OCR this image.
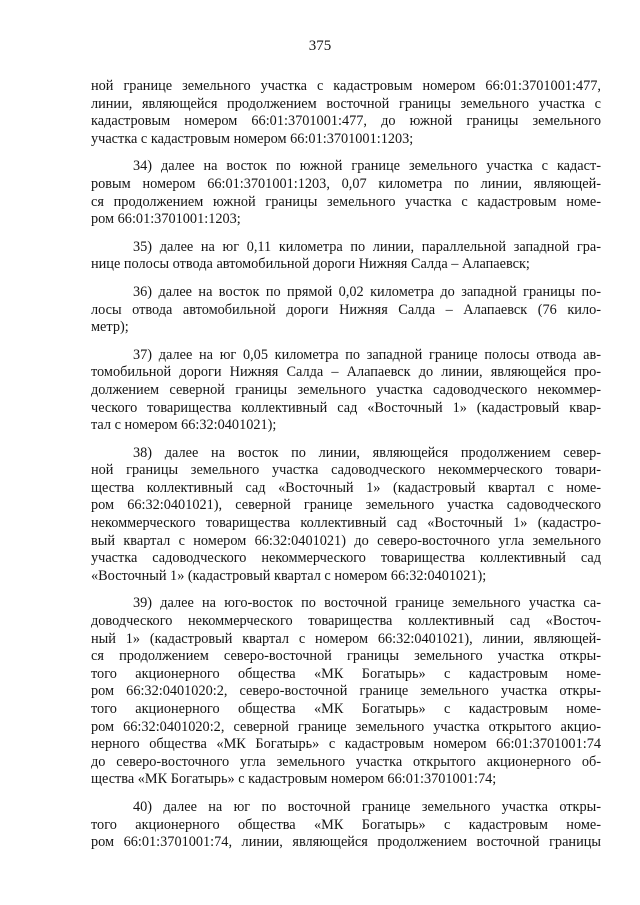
375
ной границе земельного участка с кадастровым номером 66:01:3701001:477,
линии, являющейся продолжением восточной границы земельного участка с
кадастровым номером 66:01:3701001:477, до южной границы земельного
участка с кадастровым номером 66:01:3701001:1203;
34) далее на восток по южной границе земельного участка с кадаст-
ровым номером 66:01:3701001:1203, 0,07 километра по линии, являющей-
ся продолжением южной границы земельного участка с кадастровым номе-
ром 66:01:3701001:1203;
35) далее на юг 0,11 километра по линии, параллельной западной гра-
нице полосы отвода автомобильной дороги Нижняя Салда – Алапаевск;
36) далее на восток по прямой 0,02 километра до западной границы по-
лосы отвода автомобильной дороги Нижняя Салда – Алапаевск (76 кило-
метр);
37) далее на юг 0,05 километра по западной границе полосы отвода ав-
томобильной дороги Нижняя Салда – Алапаевск до линии, являющейся про-
должением северной границы земельного участка садоводческого некоммер-
ческого товарищества коллективный сад «Восточный 1» (кадастровый квар-
тал с номером 66:32:0401021);
38) далее на восток по линии, являющейся продолжением север-
ной границы земельного участка садоводческого некоммерческого товари-
щества коллективный сад «Восточный 1» (кадастровый квартал с номе-
ром 66:32:0401021), северной границе земельного участка садоводческого
некоммерческого товарищества коллективный сад «Восточный 1» (кадастро-
вый квартал с номером 66:32:0401021) до северо-восточного угла земельного
участка садоводческого некоммерческого товарищества коллективный сад
«Восточный 1» (кадастровый квартал с номером 66:32:0401021);
39) далее на юго-восток по восточной границе земельного участка са-
доводческого некоммерческого товарищества коллективный сад «Восточ-
ный 1» (кадастровый квартал с номером 66:32:0401021), линии, являющей-
ся продолжением северо-восточной границы земельного участка откры-
того акционерного общества «МК Богатырь» с кадастровым номе-
ром 66:32:0401020:2, северо-восточной границе земельного участка откры-
того акционерного общества «МК Богатырь» с кадастровым номе-
ром 66:32:0401020:2, северной границе земельного участка открытого акцио-
нерного общества «МК Богатырь» с кадастровым номером 66:01:3701001:74
до северо-восточного угла земельного участка открытого акционерного об-
щества «МК Богатырь» с кадастровым номером 66:01:3701001:74;
40) далее на юг по восточной границе земельного участка откры-
того акционерного общества «МК Богатырь» с кадастровым номе-
ром 66:01:3701001:74, линии, являющейся продолжением восточной границы
